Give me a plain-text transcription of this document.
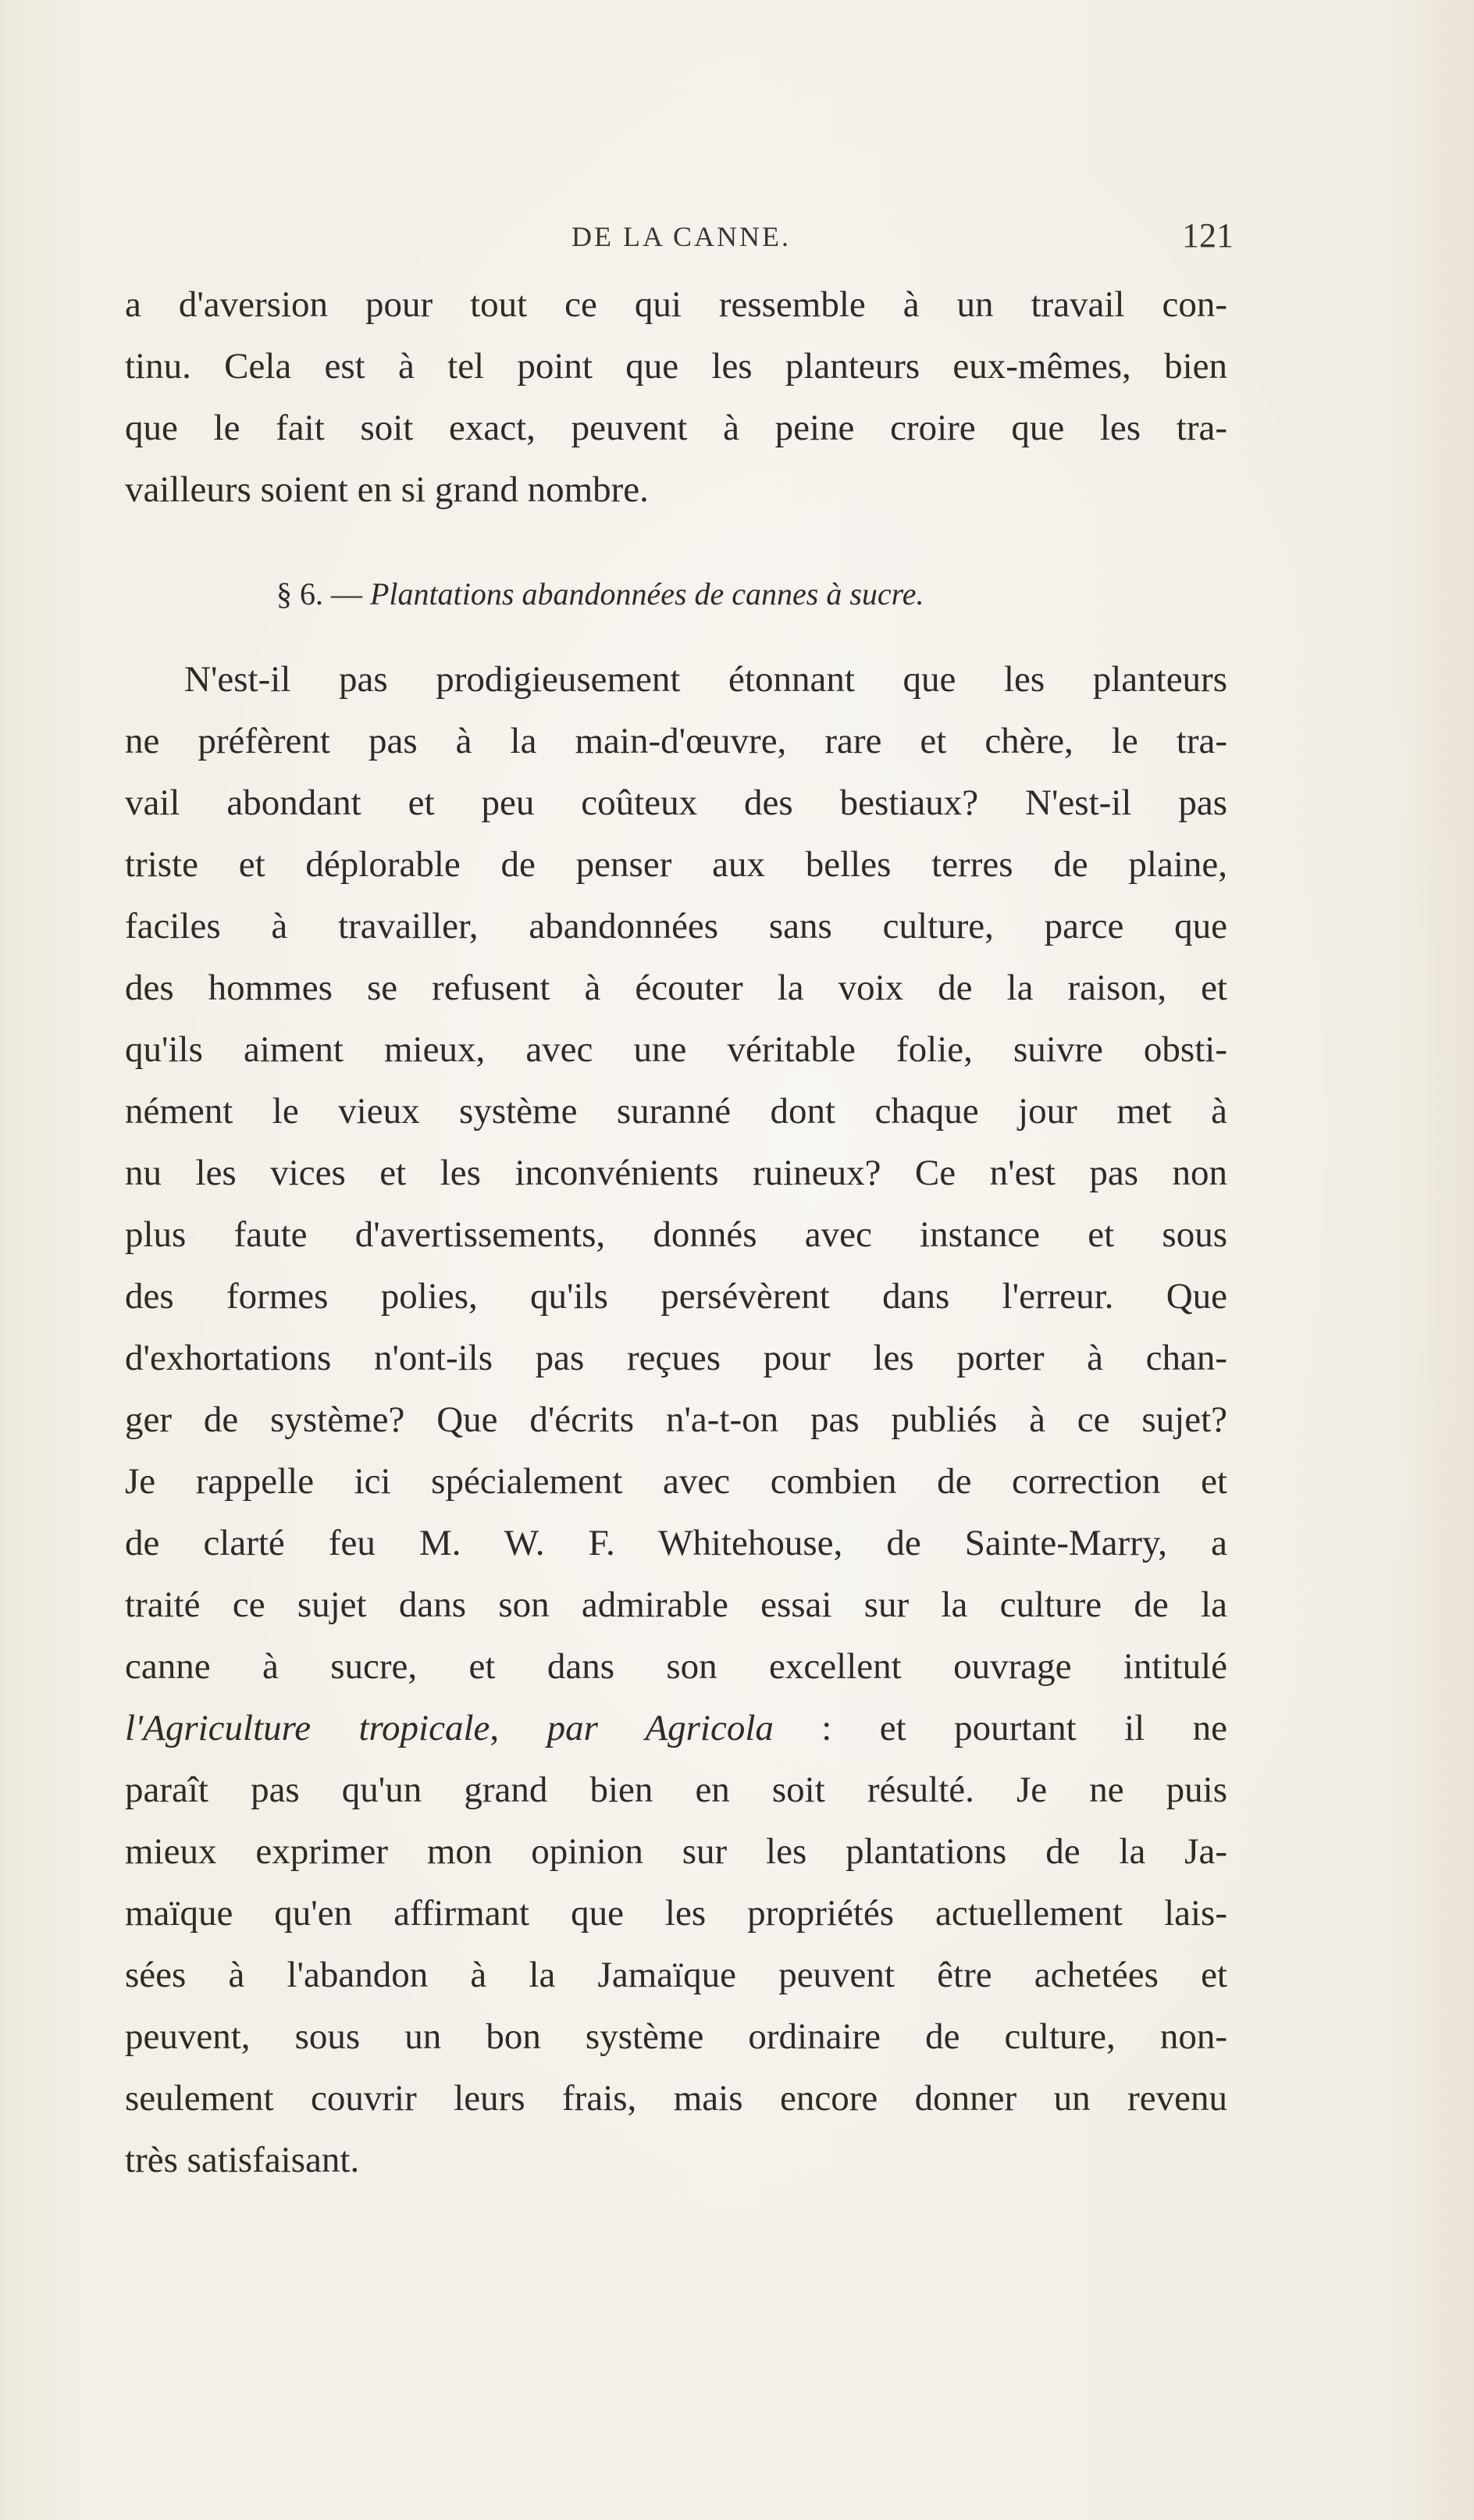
DE LA CANNE.	121
a d'aversion pour tout ce qui ressemble à un travail con-
tinu. Cela est à tel point que les planteurs eux-mêmes, bien
que le fait soit exact, peuvent à peine croire que les tra-
vailleurs soient en si grand nombre.
N'est-il pas prodigieusement étonnant que les planteurs
ne préfèrent pas à la main-d'œuvre, rare et chère, le tra-
vail abondant et peu coûteux des bestiaux? N'est-il pas
triste et déplorable de penser aux belles terres de plaine,
faciles à travailler, abandonnées sans culture, parce que
des hommes se refusent à écouter la voix de la raison, et
qu'ils aiment mieux, avec une véritable folie, suivre obsti-
nément le vieux système suranné dont chaque jour met à
nu les vices et les inconvénients ruineux? Ce n'est pas non
plus faute d'avertissements, donnés avec instance et sous
des formes polies, qu'ils persévèrent dans l'erreur. Que
d'exhortations n'ont-ils pas reçues pour les porter à chan-
ger de système? Que d'écrits n'a-t-on pas publiés à ce sujet?
Je rappelle ici spécialement avec combien de correction et
de clarté feu M. W. F. Whitehouse, de Sainte-Marry, a
traité ce sujet dans son admirable essai sur la culture de la
canne à sucre, et dans son excellent ouvrage intitulé
l'Agriculture tropicale, par Agricola : et pourtant il ne
paraît pas qu'un grand bien en soit résulté. Je ne puis
mieux exprimer mon opinion sur les plantations de la Ja-
maïque qu'en affirmant que les propriétés actuellement lais-
sées à l'abandon à la Jamaïque peuvent être achetées et
peuvent, sous un bon système ordinaire de culture, non-
seulement couvrir leurs frais, mais encore donner un revenu
très satisfaisant.
§ 6. — Plantations abandonnées de cannes à sucre.
